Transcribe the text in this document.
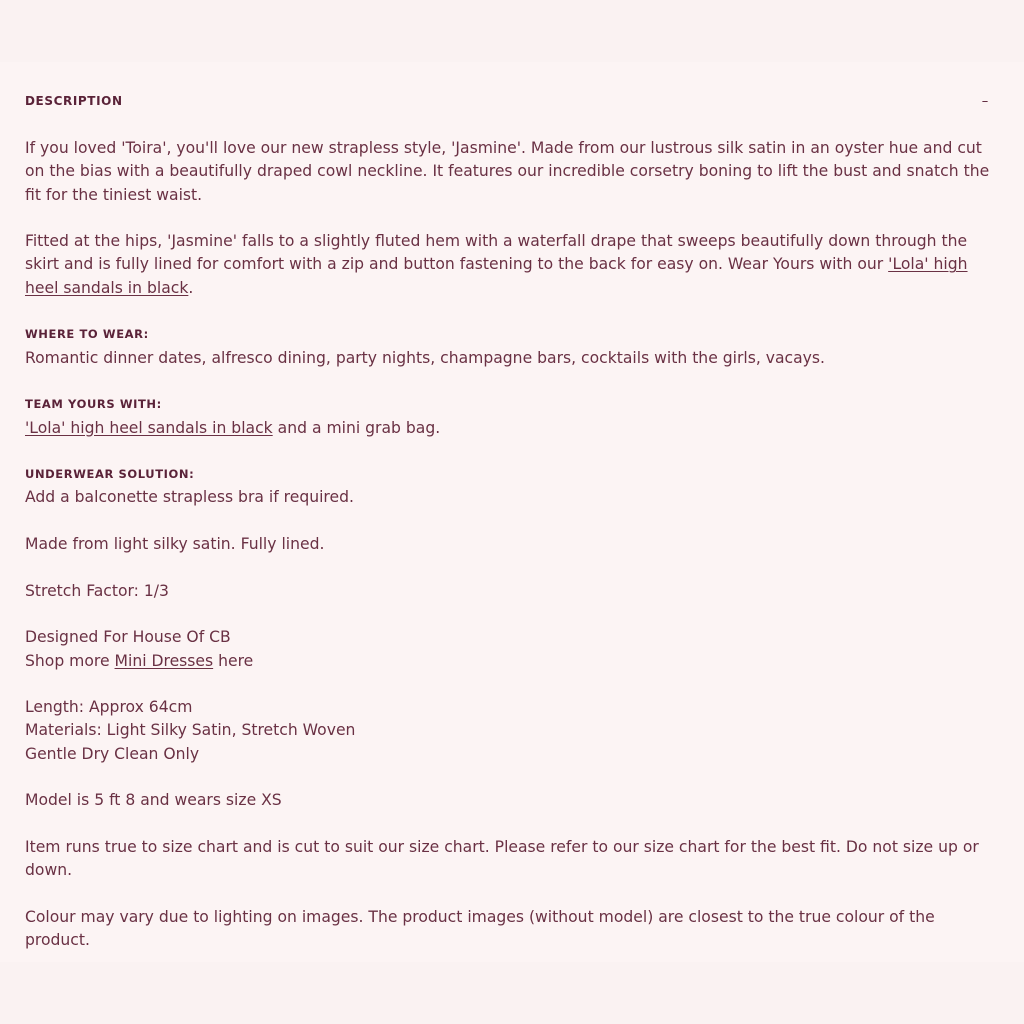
DESCRIPTION	–

If you loved 'Toira', you'll love our new strapless style, 'Jasmine'. Made from our lustrous silk satin in an oyster hue and cut
on the bias with a beautifully draped cowl neckline. It features our incredible corsetry boning to lift the bust and snatch the
fit for the tiniest waist.

Fitted at the hips, 'Jasmine' falls to a slightly fluted hem with a waterfall drape that sweeps beautifully down through the
skirt and is fully lined for comfort with a zip and button fastening to the back for easy on. Wear Yours with our 'Lola' high
heel sandals in black.

WHERE TO WEAR:
Romantic dinner dates, alfresco dining, party nights, champagne bars, cocktails with the girls, vacays.

TEAM YOURS WITH:
'Lola' high heel sandals in black and a mini grab bag.

UNDERWEAR SOLUTION:
Add a balconette strapless bra if required.

Made from light silky satin. Fully lined.

Stretch Factor: 1/3

Designed For House Of CB
Shop more Mini Dresses here

Length: Approx 64cm
Materials: Light Silky Satin, Stretch Woven
Gentle Dry Clean Only

Model is 5 ft 8 and wears size XS

Item runs true to size chart and is cut to suit our size chart. Please refer to our size chart for the best fit. Do not size up or
down.

Colour may vary due to lighting on images. The product images (without model) are closest to the true colour of the
product.
